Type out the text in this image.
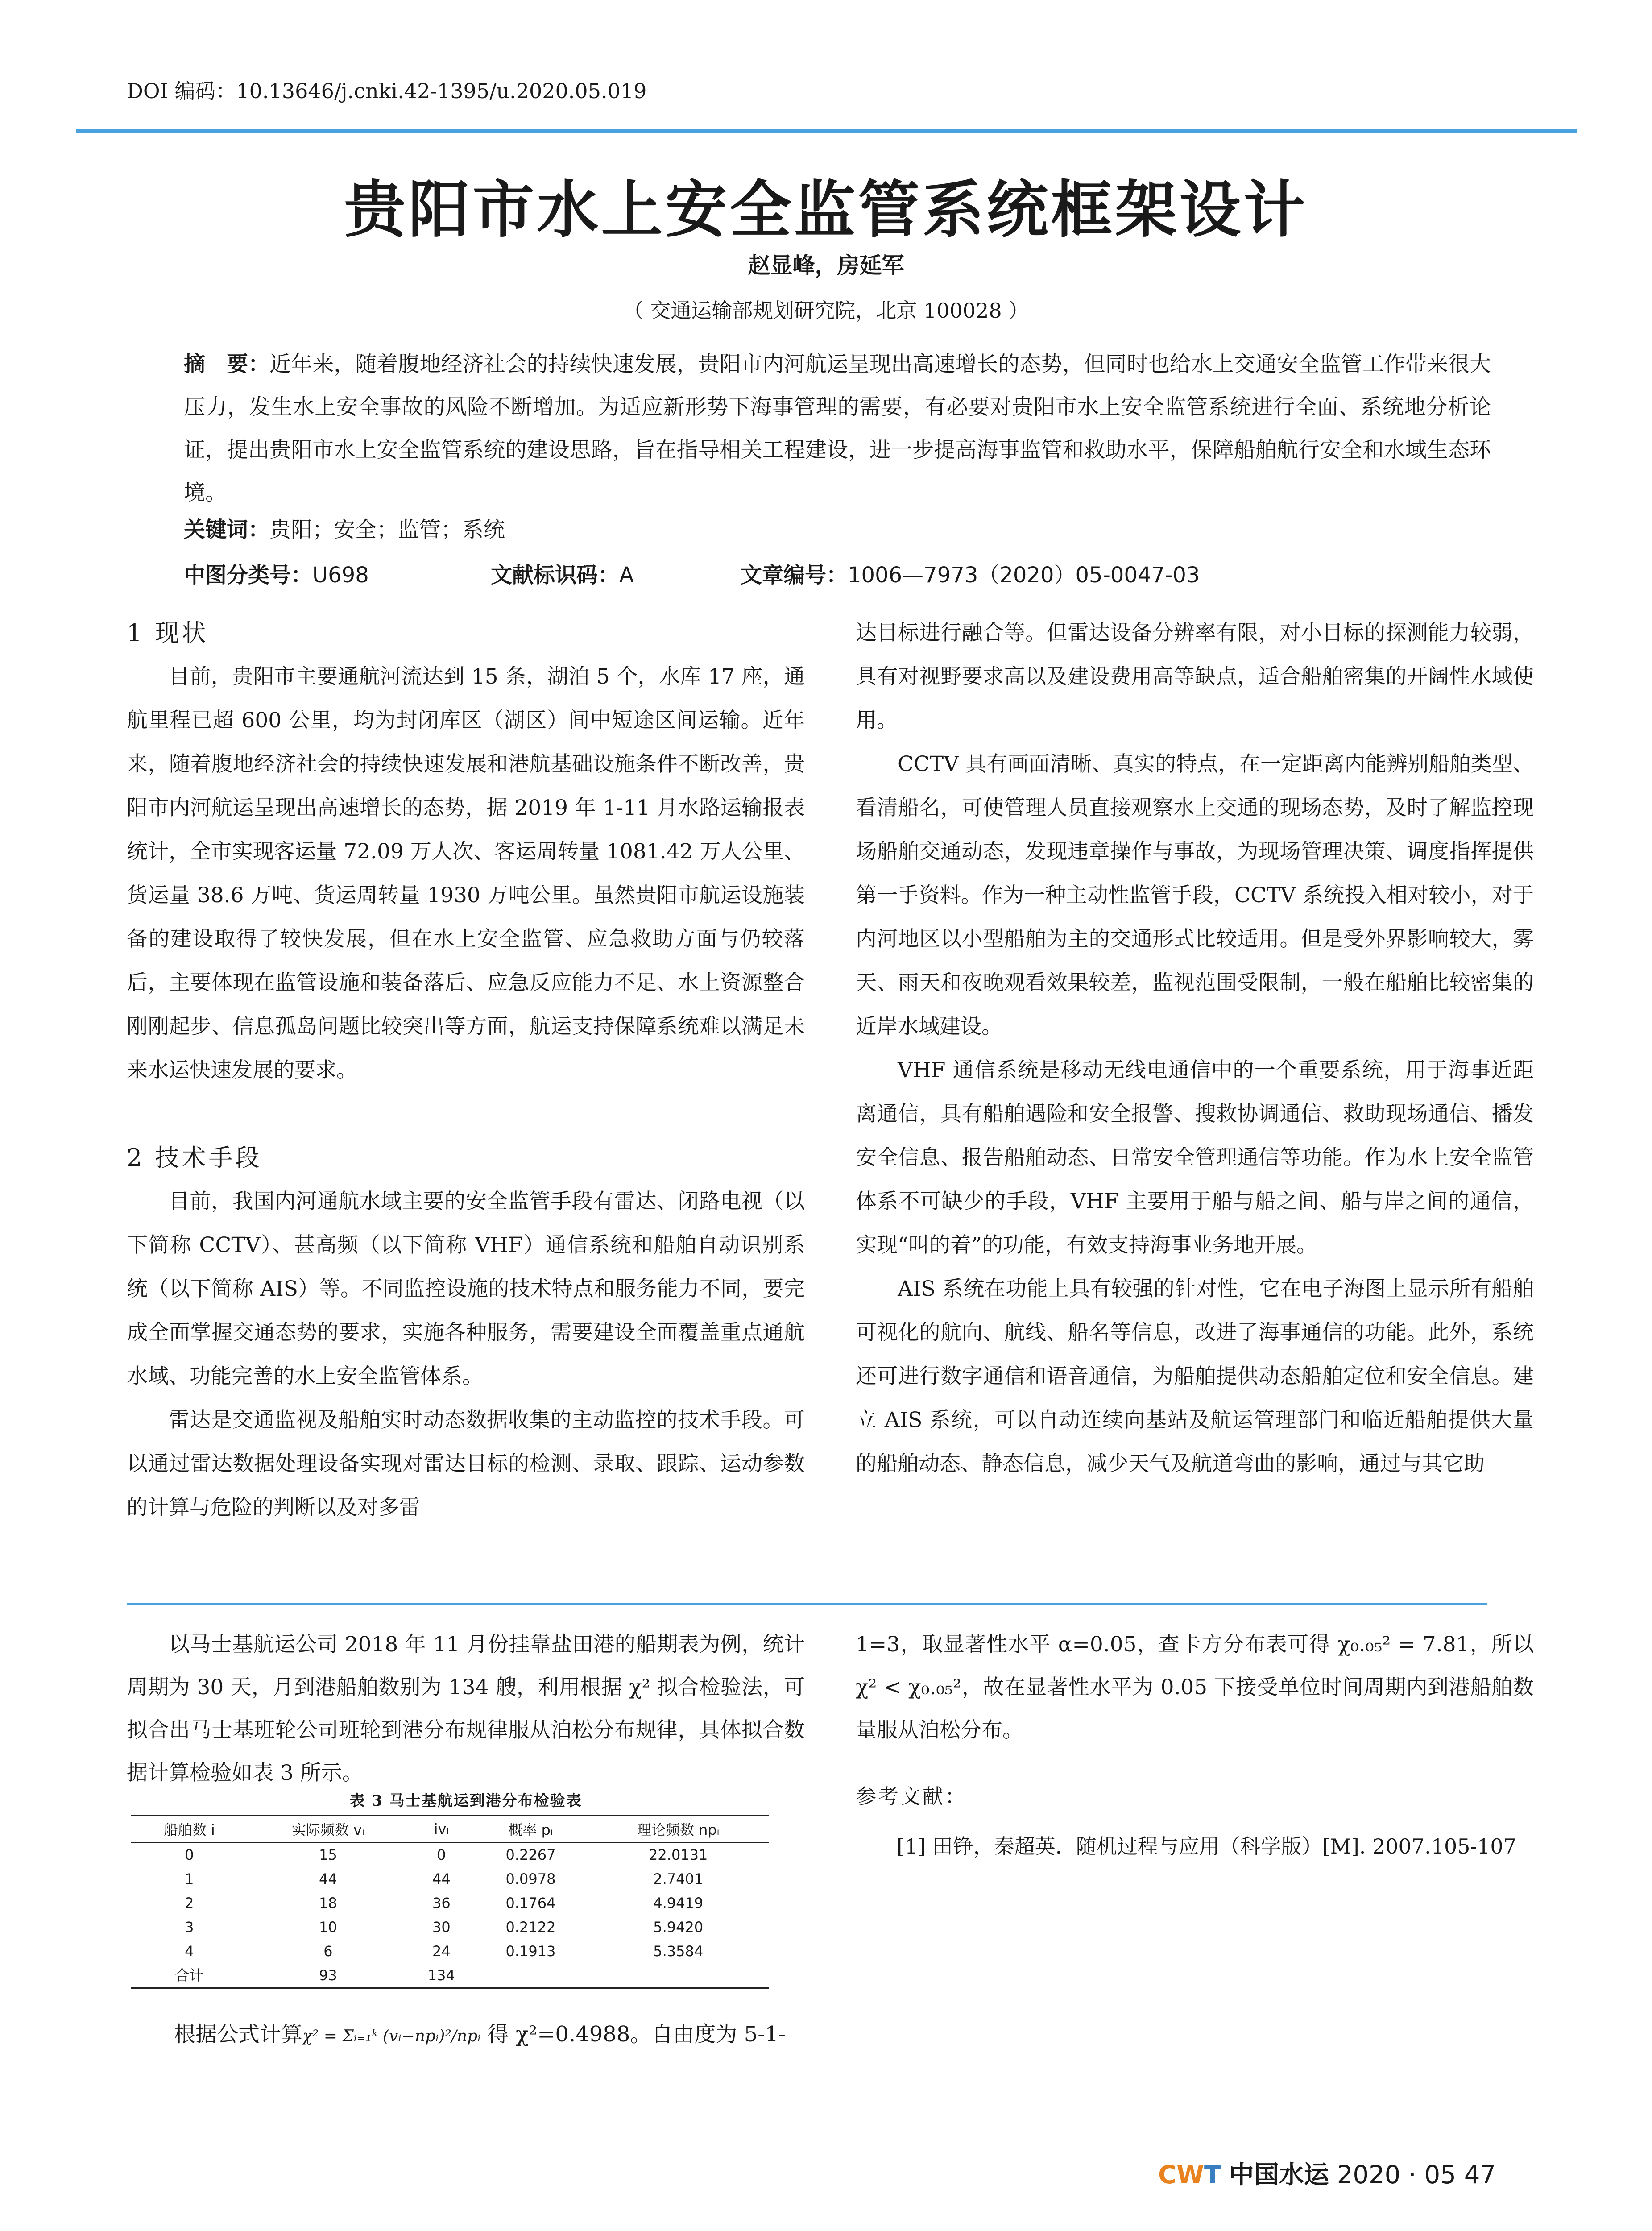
DOI 编码：10.13646/j.cnki.42-1395/u.2020.05.019
贵阳市水上安全监管系统框架设计
赵显峰，房延军
（ 交通运输部规划研究院，北京 100028 ）
摘　要：近年来，随着腹地经济社会的持续快速发展，贵阳市内河航运呈现出高速增长的态势，但同时也给水上交通安全监管工作带来很大压力，发生水上安全事故的风险不断增加。为适应新形势下海事管理的需要，有必要对贵阳市水上安全监管系统进行全面、系统地分析论证，提出贵阳市水上安全监管系统的建设思路，旨在指导相关工程建设，进一步提高海事监管和救助水平，保障船舶航行安全和水域生态环境。
关键词：贵阳；安全；监管；系统
中图分类号：U698	文献标识码：A	文章编号：1006—7973（2020）05-0047-03
1 现状

目前，贵阳市主要通航河流达到 15 条，湖泊 5 个，水库 17 座，通航里程已超 600 公里，均为封闭库区（湖区）间中短途区间运输。近年来，随着腹地经济社会的持续快速发展和港航基础设施条件不断改善，贵阳市内河航运呈现出高速增长的态势，据 2019 年 1-11 月水路运输报表统计，全市实现客运量 72.09 万人次、客运周转量 1081.42 万人公里、货运量 38.6 万吨、货运周转量 1930 万吨公里。虽然贵阳市航运设施装备的建设取得了较快发展，但在水上安全监管、应急救助方面与仍较落后，主要体现在监管设施和装备落后、应急反应能力不足、水上资源整合刚刚起步、信息孤岛问题比较突出等方面，航运支持保障系统难以满足未来水运快速发展的要求。

2 技术手段

目前，我国内河通航水域主要的安全监管手段有雷达、闭路电视（以下简称 CCTV）、甚高频（以下简称 VHF）通信系统和船舶自动识别系统（以下简称 AIS）等。不同监控设施的技术特点和服务能力不同，要完成全面掌握交通态势的要求，实施各种服务，需要建设全面覆盖重点通航水域、功能完善的水上安全监管体系。

雷达是交通监视及船舶实时动态数据收集的主动监控的技术手段。可以通过雷达数据处理设备实现对雷达目标的检测、录取、跟踪、运动参数的计算与危险的判断以及对多雷

达目标进行融合等。但雷达设备分辨率有限，对小目标的探测能力较弱，具有对视野要求高以及建设费用高等缺点，适合船舶密集的开阔性水域使用。

CCTV 具有画面清晰、真实的特点，在一定距离内能辨别船舶类型、看清船名，可使管理人员直接观察水上交通的现场态势，及时了解监控现场船舶交通动态，发现违章操作与事故，为现场管理决策、调度指挥提供第一手资料。作为一种主动性监管手段，CCTV 系统投入相对较小，对于内河地区以小型船舶为主的交通形式比较适用。但是受外界影响较大，雾天、雨天和夜晚观看效果较差，监视范围受限制，一般在船舶比较密集的近岸水域建设。

VHF 通信系统是移动无线电通信中的一个重要系统，用于海事近距离通信，具有船舶遇险和安全报警、搜救协调通信、救助现场通信、播发安全信息、报告船舶动态、日常安全管理通信等功能。作为水上安全监管体系不可缺少的手段，VHF 主要用于船与船之间、船与岸之间的通信，实现“叫的着”的功能，有效支持海事业务地开展。

AIS 系统在功能上具有较强的针对性，它在电子海图上显示所有船舶可视化的航向、航线、船名等信息，改进了海事通信的功能。此外，系统还可进行数字通信和语音通信，为船舶提供动态船舶定位和安全信息。建立 AIS 系统，可以自动连续向基站及航运管理部门和临近船舶提供大量的船舶动态、静态信息，减少天气及航道弯曲的影响，通过与其它助

以马士基航运公司 2018 年 11 月份挂靠盐田港的船期表为例，统计周期为 30 天，月到港船舶数别为 134 艘，利用根据 χ² 拟合检验法，可拟合出马士基班轮公司班轮到港分布规律服从泊松分布规律，具体拟合数据计算检验如表 3 所示。

表 3 马士基航运到港分布检验表
船舶数 i	实际频数 vᵢ	ivᵢ	概率 pᵢ	理论频数 npᵢ
0	15	0	0.2267	22.0131
1	44	44	0.0978	2.7401
2	18	36	0.1764	4.9419
3	10	30	0.2122	5.9420
4	6	24	0.1913	5.3584
合计	93	134		
根据公式计算χ² = Σᵢ₌₁ᵏ (vᵢ−npᵢ)²/npᵢ 得 χ²=0.4988。自由度为 5-1-

1=3，取显著性水平 α=0.05，查卡方分布表可得 χ₀.₀₅² = 7.81，所以 χ² < χ₀.₀₅²，故在显著性水平为 0.05 下接受单位时间周期内到港船舶数量服从泊松分布。

参考文献：

[1] 田铮，秦超英．随机过程与应用（科学版）[M]. 2007.105-107

CWT 中国水运 2020 · 05 47
